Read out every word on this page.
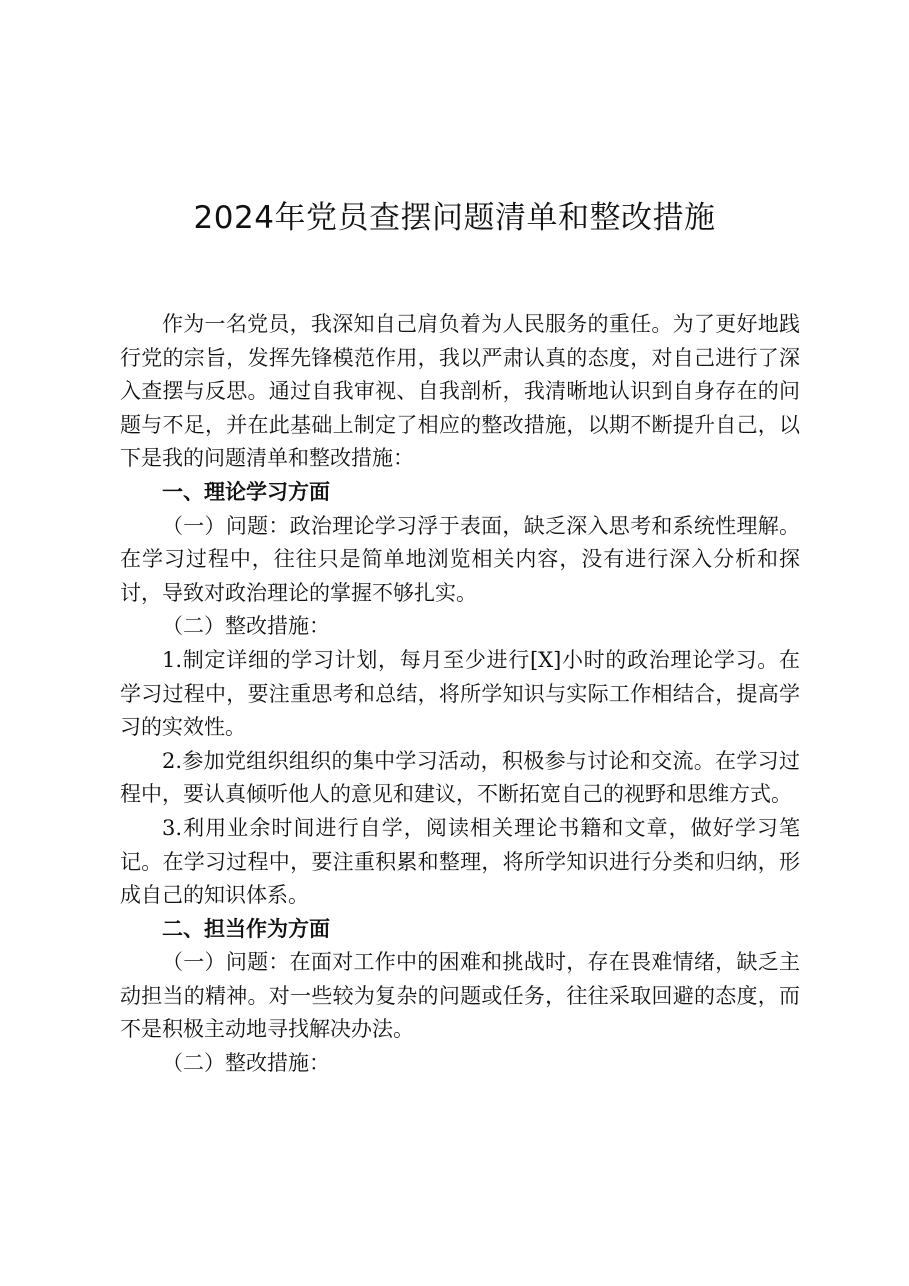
2024年党员查摆问题清单和整改措施

作为一名党员，我深知自己肩负着为人民服务的重任。为了更好地践行党的宗旨，发挥先锋模范作用，我以严肃认真的态度，对自己进行了深入查摆与反思。通过自我审视、自我剖析，我清晰地认识到自身存在的问题与不足，并在此基础上制定了相应的整改措施，以期不断提升自己，以下是我的问题清单和整改措施：

一、理论学习方面

（一）问题：政治理论学习浮于表面，缺乏深入思考和系统性理解。在学习过程中，往往只是简单地浏览相关内容，没有进行深入分析和探讨，导致对政治理论的掌握不够扎实。

（二）整改措施：

1.制定详细的学习计划，每月至少进行[X]小时的政治理论学习。在学习过程中，要注重思考和总结，将所学知识与实际工作相结合，提高学习的实效性。

2.参加党组织组织的集中学习活动，积极参与讨论和交流。在学习过程中，要认真倾听他人的意见和建议，不断拓宽自己的视野和思维方式。

3.利用业余时间进行自学，阅读相关理论书籍和文章，做好学习笔记。在学习过程中，要注重积累和整理，将所学知识进行分类和归纳，形成自己的知识体系。

二、担当作为方面

（一）问题：在面对工作中的困难和挑战时，存在畏难情绪，缺乏主动担当的精神。对一些较为复杂的问题或任务，往往采取回避的态度，而不是积极主动地寻找解决办法。

（二）整改措施：
